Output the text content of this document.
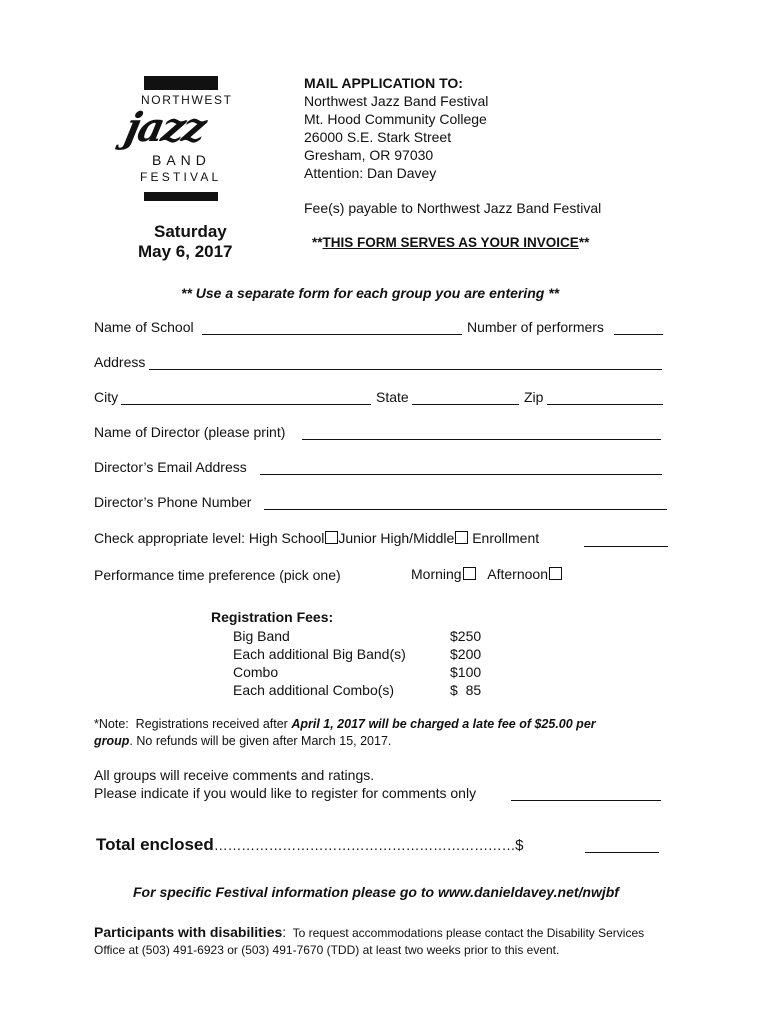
NORTHWEST
jazz
BAND
FESTIVAL
Saturday
May 6, 2017
MAIL APPLICATION TO:
Northwest Jazz Band Festival
Mt. Hood Community College
26000 S.E. Stark Street
Gresham, OR 97030
Attention: Dan Davey
Fee(s) payable to Northwest Jazz Band Festival
**THIS FORM SERVES AS YOUR INVOICE**
** Use a separate form for each group you are entering **
Name of School	Number of performers
Address
City	State	Zip
Name of Director (please print)
Director’s Email Address
Director’s Phone Number
Check appropriate level: High School Junior High/Middle Enrollment
Performance time preference (pick one)	Morning Afternoon
Registration Fees:
Big Band	$250
Each additional Big Band(s)	$200
Combo	$100
Each additional Combo(s)	$  85
*Note:  Registrations received after April 1, 2017 will be charged a late fee of $25.00 per
group. No refunds will be given after March 15, 2017.
All groups will receive comments and ratings.
Please indicate if you would like to register for comments only
Total enclosed…………………………………………………………$
For specific Festival information please go to www.danieldavey.net/nwjbf
Participants with disabilities:  To request accommodations please contact the Disability Services
Office at (503) 491-6923 or (503) 491-7670 (TDD) at least two weeks prior to this event.
